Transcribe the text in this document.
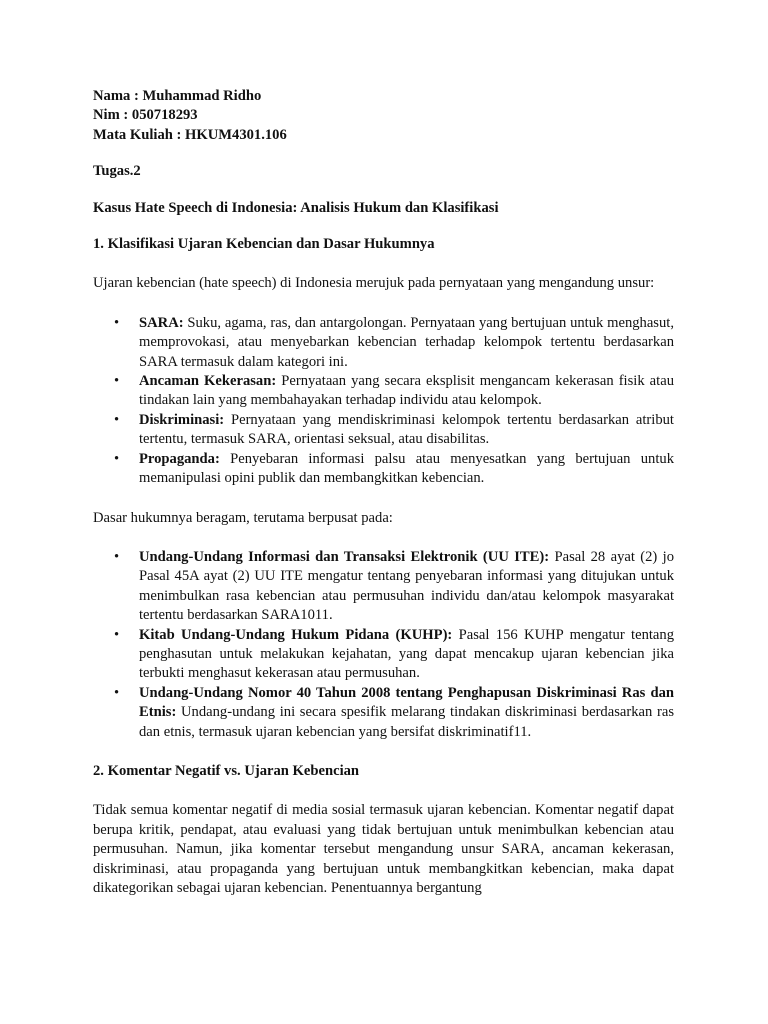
Nama : Muhammad Ridho

Nim : 050718293

Mata Kuliah : HKUM4301.106

Tugas.2

Kasus Hate Speech di Indonesia: Analisis Hukum dan Klasifikasi
1. Klasifikasi Ujaran Kebencian dan Dasar Hukumnya

Ujaran kebencian (hate speech) di Indonesia merujuk pada pernyataan yang mengandung unsur:

• SARA: Suku, agama, ras, dan antargolongan. Pernyataan yang bertujuan untuk menghasut, memprovokasi, atau menyebarkan kebencian terhadap kelompok tertentu berdasarkan SARA termasuk dalam kategori ini.
• Ancaman Kekerasan: Pernyataan yang secara eksplisit mengancam kekerasan fisik atau tindakan lain yang membahayakan terhadap individu atau kelompok.
• Diskriminasi: Pernyataan yang mendiskriminasi kelompok tertentu berdasarkan atribut tertentu, termasuk SARA, orientasi seksual, atau disabilitas.
• Propaganda: Penyebaran informasi palsu atau menyesatkan yang bertujuan untuk memanipulasi opini publik dan membangkitkan kebencian.

Dasar hukumnya beragam, terutama berpusat pada:

• Undang-Undang Informasi dan Transaksi Elektronik (UU ITE): Pasal 28 ayat (2) jo Pasal 45A ayat (2) UU ITE mengatur tentang penyebaran informasi yang ditujukan untuk menimbulkan rasa kebencian atau permusuhan individu dan/atau kelompok masyarakat tertentu berdasarkan SARA1011.
• Kitab Undang-Undang Hukum Pidana (KUHP): Pasal 156 KUHP mengatur tentang penghasutan untuk melakukan kejahatan, yang dapat mencakup ujaran kebencian jika terbukti menghasut kekerasan atau permusuhan.
• Undang-Undang Nomor 40 Tahun 2008 tentang Penghapusan Diskriminasi Ras dan Etnis: Undang-undang ini secara spesifik melarang tindakan diskriminasi berdasarkan ras dan etnis, termasuk ujaran kebencian yang bersifat diskriminatif11.
2. Komentar Negatif vs. Ujaran Kebencian

Tidak semua komentar negatif di media sosial termasuk ujaran kebencian. Komentar negatif dapat berupa kritik, pendapat, atau evaluasi yang tidak bertujuan untuk menimbulkan kebencian atau permusuhan. Namun, jika komentar tersebut mengandung unsur SARA, ancaman kekerasan, diskriminasi, atau propaganda yang bertujuan untuk membangkitkan kebencian, maka dapat dikategorikan sebagai ujaran kebencian. Penentuannya bergantung
